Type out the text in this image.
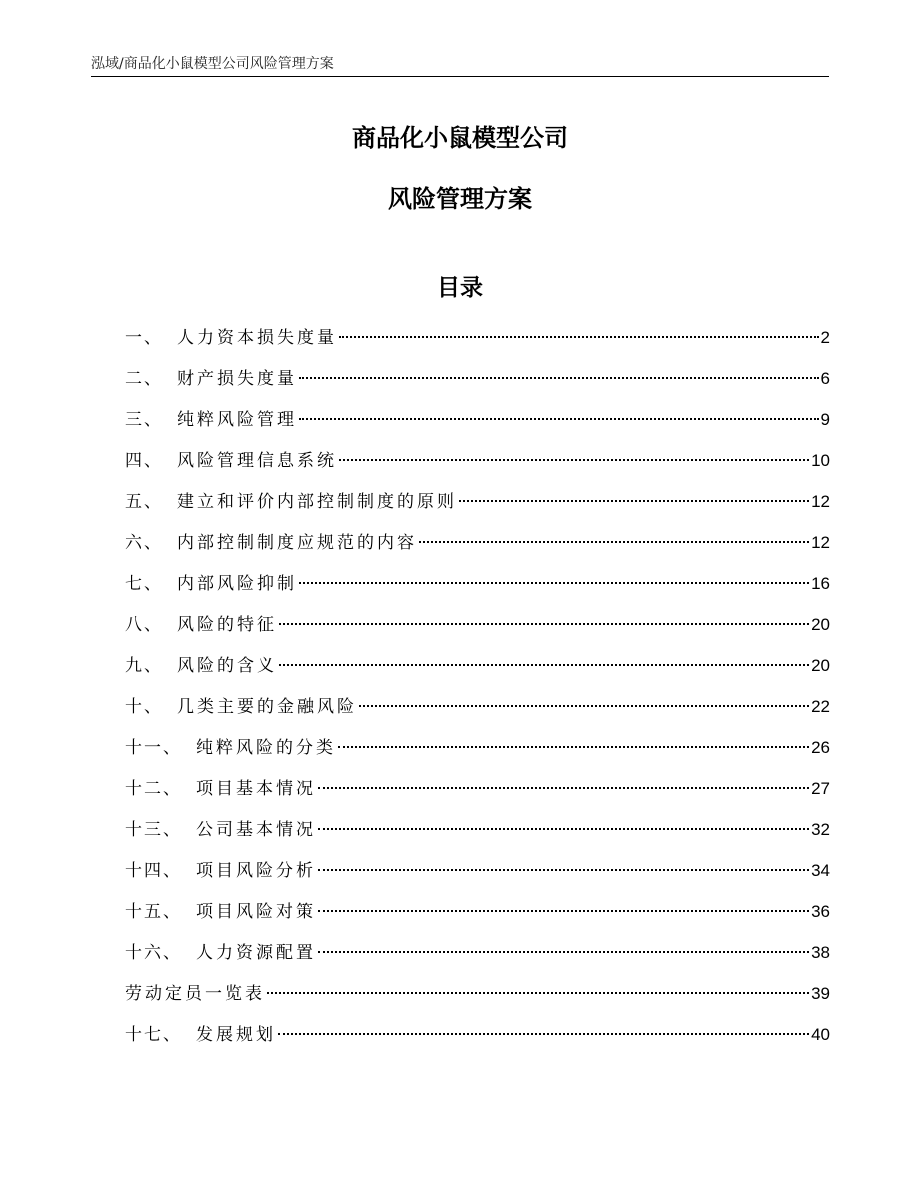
泓域/商品化小鼠模型公司风险管理方案
商品化小鼠模型公司
风险管理方案
目录
一、 人力资本损失度量	2
二、 财产损失度量	6
三、 纯粹风险管理	9
四、 风险管理信息系统	10
五、 建立和评价内部控制制度的原则	12
六、 内部控制制度应规范的内容	12
七、 内部风险抑制	16
八、 风险的特征	20
九、 风险的含义	20
十、 几类主要的金融风险	22
十一、 纯粹风险的分类	26
十二、 项目基本情况	27
十三、 公司基本情况	32
十四、 项目风险分析	34
十五、 项目风险对策	36
十六、 人力资源配置	38
劳动定员一览表	39
十七、 发展规划	40
